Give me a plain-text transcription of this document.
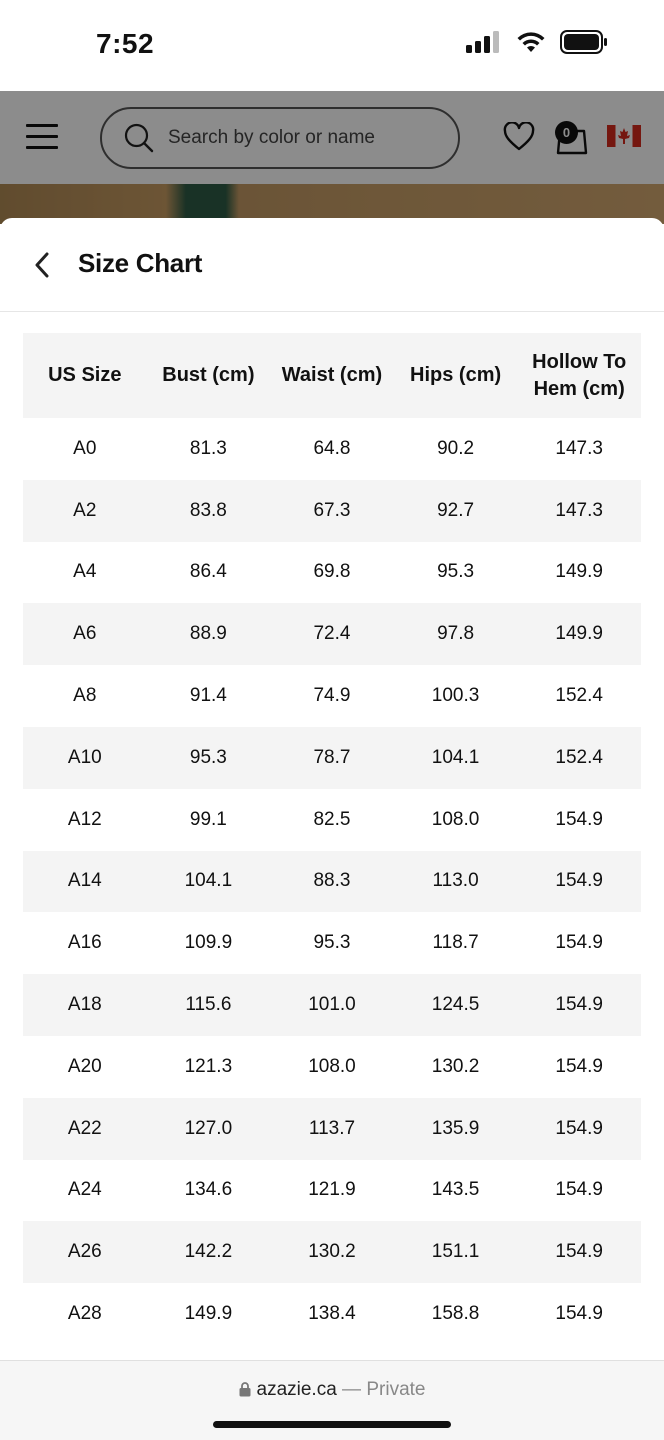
7:52
Search by color or name
0
Size Chart
US Size	Bust (cm)	Waist (cm)	Hips (cm)	Hollow To Hem (cm)
A0	81.3	64.8	90.2	147.3
A2	83.8	67.3	92.7	147.3
A4	86.4	69.8	95.3	149.9
A6	88.9	72.4	97.8	149.9
A8	91.4	74.9	100.3	152.4
A10	95.3	78.7	104.1	152.4
A12	99.1	82.5	108.0	154.9
A14	104.1	88.3	113.0	154.9
A16	109.9	95.3	118.7	154.9
A18	115.6	101.0	124.5	154.9
A20	121.3	108.0	130.2	154.9
A22	127.0	113.7	135.9	154.9
A24	134.6	121.9	143.5	154.9
A26	142.2	130.2	151.1	154.9
A28	149.9	138.4	158.8	154.9
azazie.ca — Private
